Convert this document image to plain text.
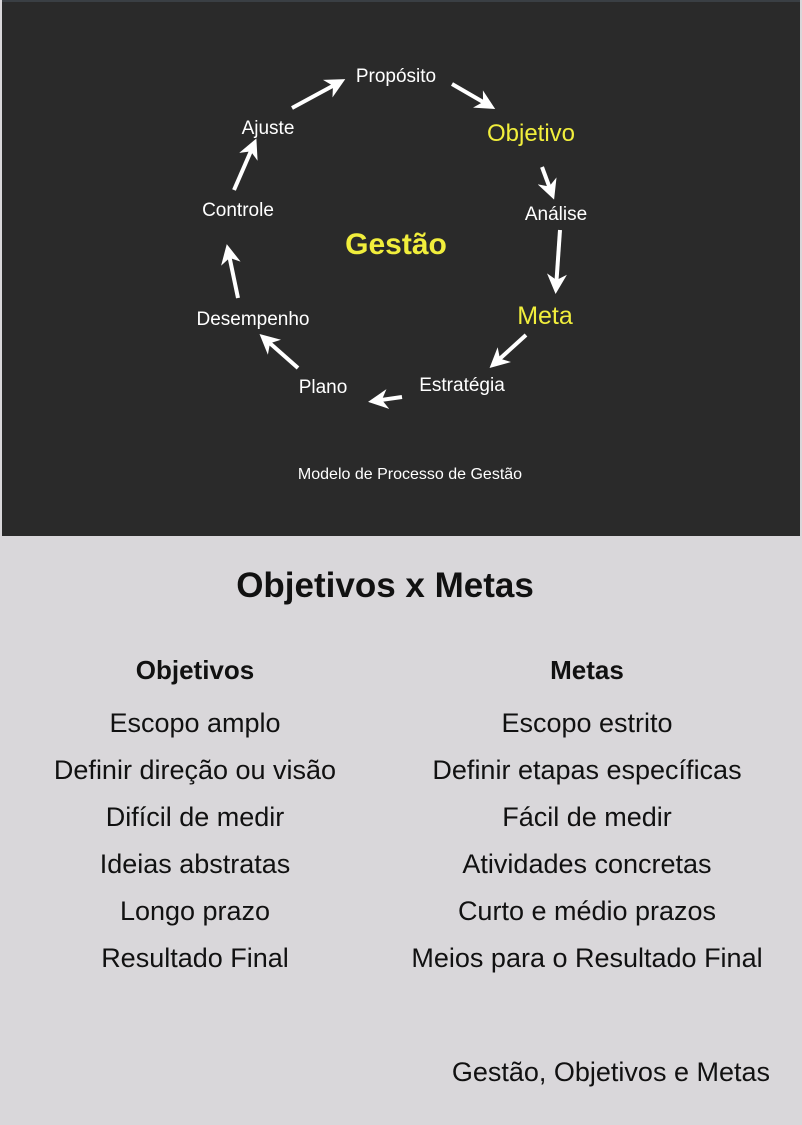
Gestão
Propósito
Objetivo
Análise
Meta
Estratégia
Plano
Desempenho
Controle
Ajuste
Modelo de Processo de Gestão
Objetivos x Metas
Objetivos
Escopo amplo
Definir direção ou visão
Difícil de medir
Ideias abstratas
Longo prazo
Resultado Final
Metas
Escopo estrito
Definir etapas específicas
Fácil de medir
Atividades concretas
Curto e médio prazos
Meios para o Resultado Final
Gestão, Objetivos e Metas
